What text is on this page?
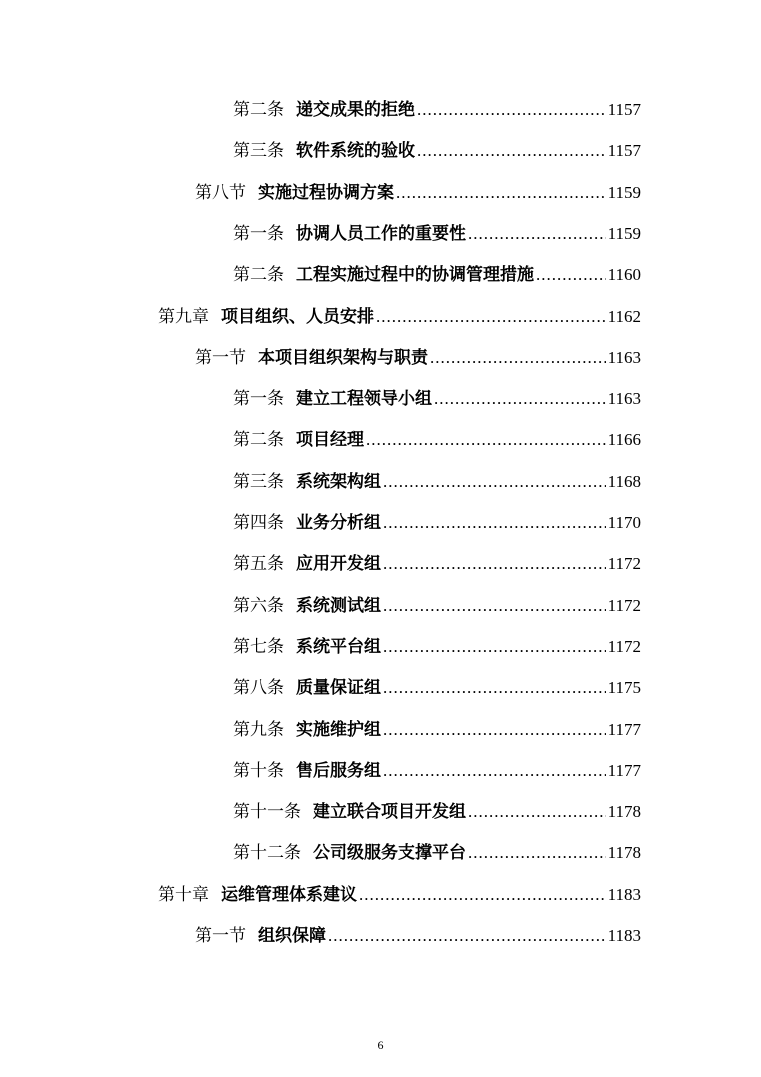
第二条 递交成果的拒绝 .....	1157
第三条 软件系统的验收 .....	1157
第八节 实施过程协调方案 .....	1159
第一条 协调人员工作的重要性 .....	1159
第二条 工程实施过程中的协调管理措施 .....	1160
第九章 项目组织、人员安排 .....	1162
第一节 本项目组织架构与职责 .....	1163
第一条 建立工程领导小组 .....	1163
第二条 项目经理 .....	1166
第三条 系统架构组 .....	1168
第四条 业务分析组 .....	1170
第五条 应用开发组 .....	1172
第六条 系统测试组 .....	1172
第七条 系统平台组 .....	1172
第八条 质量保证组 .....	1175
第九条 实施维护组 .....	1177
第十条 售后服务组 .....	1177
第十一条 建立联合项目开发组 .....	1178
第十二条 公司级服务支撑平台 .....	1178
第十章 运维管理体系建议 .....	1183
第一节 组织保障 .....	1183
6
